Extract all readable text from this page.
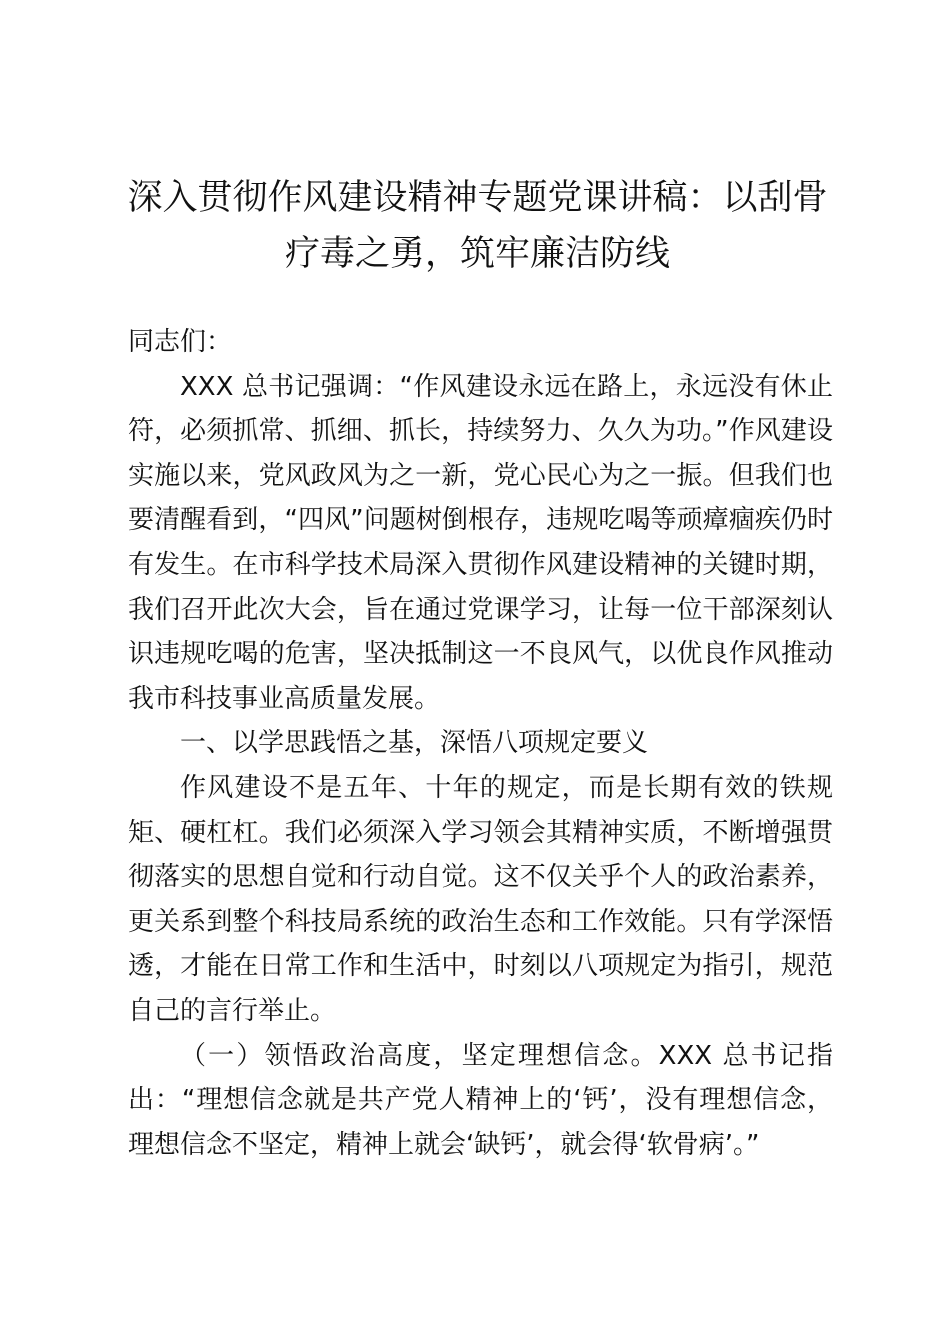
深入贯彻作风建设精神专题党课讲稿：以刮骨
疗毒之勇，筑牢廉洁防线

同志们：

XXX 总书记强调：“作风建设永远在路上，永远没有休止符，必须抓常、抓细、抓长，持续努力、久久为功。”作风建设实施以来，党风政风为之一新，党心民心为之一振。但我们也要清醒看到，“四风”问题树倒根存，违规吃喝等顽瘴痼疾仍时有发生。在市科学技术局深入贯彻作风建设精神的关键时期，我们召开此次大会，旨在通过党课学习，让每一位干部深刻认识违规吃喝的危害，坚决抵制这一不良风气，以优良作风推动我市科技事业高质量发展。

一、以学思践悟之基，深悟八项规定要义

作风建设不是五年、十年的规定，而是长期有效的铁规矩、硬杠杠。我们必须深入学习领会其精神实质，不断增强贯彻落实的思想自觉和行动自觉。这不仅关乎个人的政治素养，更关系到整个科技局系统的政治生态和工作效能。只有学深悟透，才能在日常工作和生活中，时刻以八项规定为指引，规范自己的言行举止。

（一）领悟政治高度，坚定理想信念。XXX 总书记指出：“理想信念就是共产党人精神上的‘钙’，没有理想信念，理想信念不坚定，精神上就会‘缺钙’，就会得‘软骨病’。”
